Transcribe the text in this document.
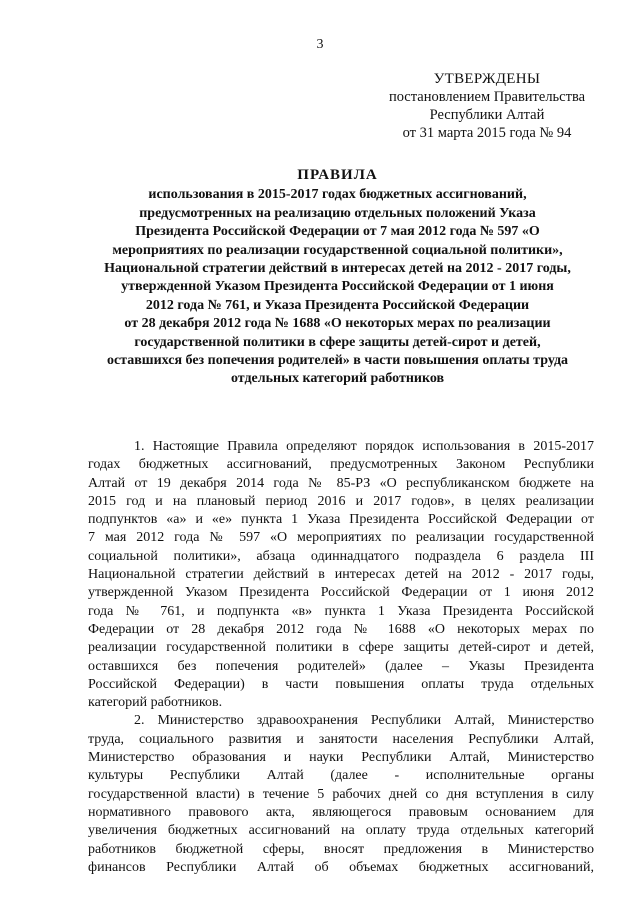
3
УТВЕРЖДЕНЫ
постановлением Правительства
Республики Алтай
от 31 марта 2015 года № 94
ПРАВИЛА
использования в 2015-2017 годах бюджетных ассигнований,
предусмотренных на реализацию отдельных положений Указа
Президента Российской Федерации от 7 мая 2012 года № 597 «О
мероприятиях по реализации государственной социальной политики»,
Национальной стратегии действий в интересах детей на 2012 - 2017 годы,
утвержденной Указом Президента Российской Федерации от 1 июня
2012 года № 761, и Указа Президента Российской Федерации
от 28 декабря 2012 года № 1688 «О некоторых мерах по реализации
государственной политики в сфере защиты детей-сирот и детей,
оставшихся без попечения родителей» в части повышения оплаты труда
отдельных категорий работников
1. Настоящие Правила определяют порядок использования в 2015-2017
годах бюджетных ассигнований, предусмотренных Законом Республики
Алтай от 19 декабря 2014 года № 85-РЗ «О республиканском бюджете на
2015 год и на плановый период 2016 и 2017 годов», в целях реализации
подпунктов «а» и «е» пункта 1 Указа Президента Российской Федерации от
7 мая 2012 года № 597 «О мероприятиях по реализации государственной
социальной политики», абзаца одиннадцатого подраздела 6 раздела III
Национальной стратегии действий в интересах детей на 2012 - 2017 годы,
утвержденной Указом Президента Российской Федерации от 1 июня 2012
года № 761, и подпункта «в» пункта 1 Указа Президента Российской
Федерации от 28 декабря 2012 года № 1688 «О некоторых мерах по
реализации государственной политики в сфере защиты детей-сирот и детей,
оставшихся без попечения родителей» (далее – Указы Президента
Российской Федерации) в части повышения оплаты труда отдельных
категорий работников.
2. Министерство здравоохранения Республики Алтай, Министерство
труда, социального развития и занятости населения Республики Алтай,
Министерство образования и науки Республики Алтай, Министерство
культуры Республики Алтай (далее - исполнительные органы
государственной власти) в течение 5 рабочих дней со дня вступления в силу
нормативного правового акта, являющегося правовым основанием для
увеличения бюджетных ассигнований на оплату труда отдельных категорий
работников бюджетной сферы, вносят предложения в Министерство
финансов Республики Алтай об объемах бюджетных ассигнований,
